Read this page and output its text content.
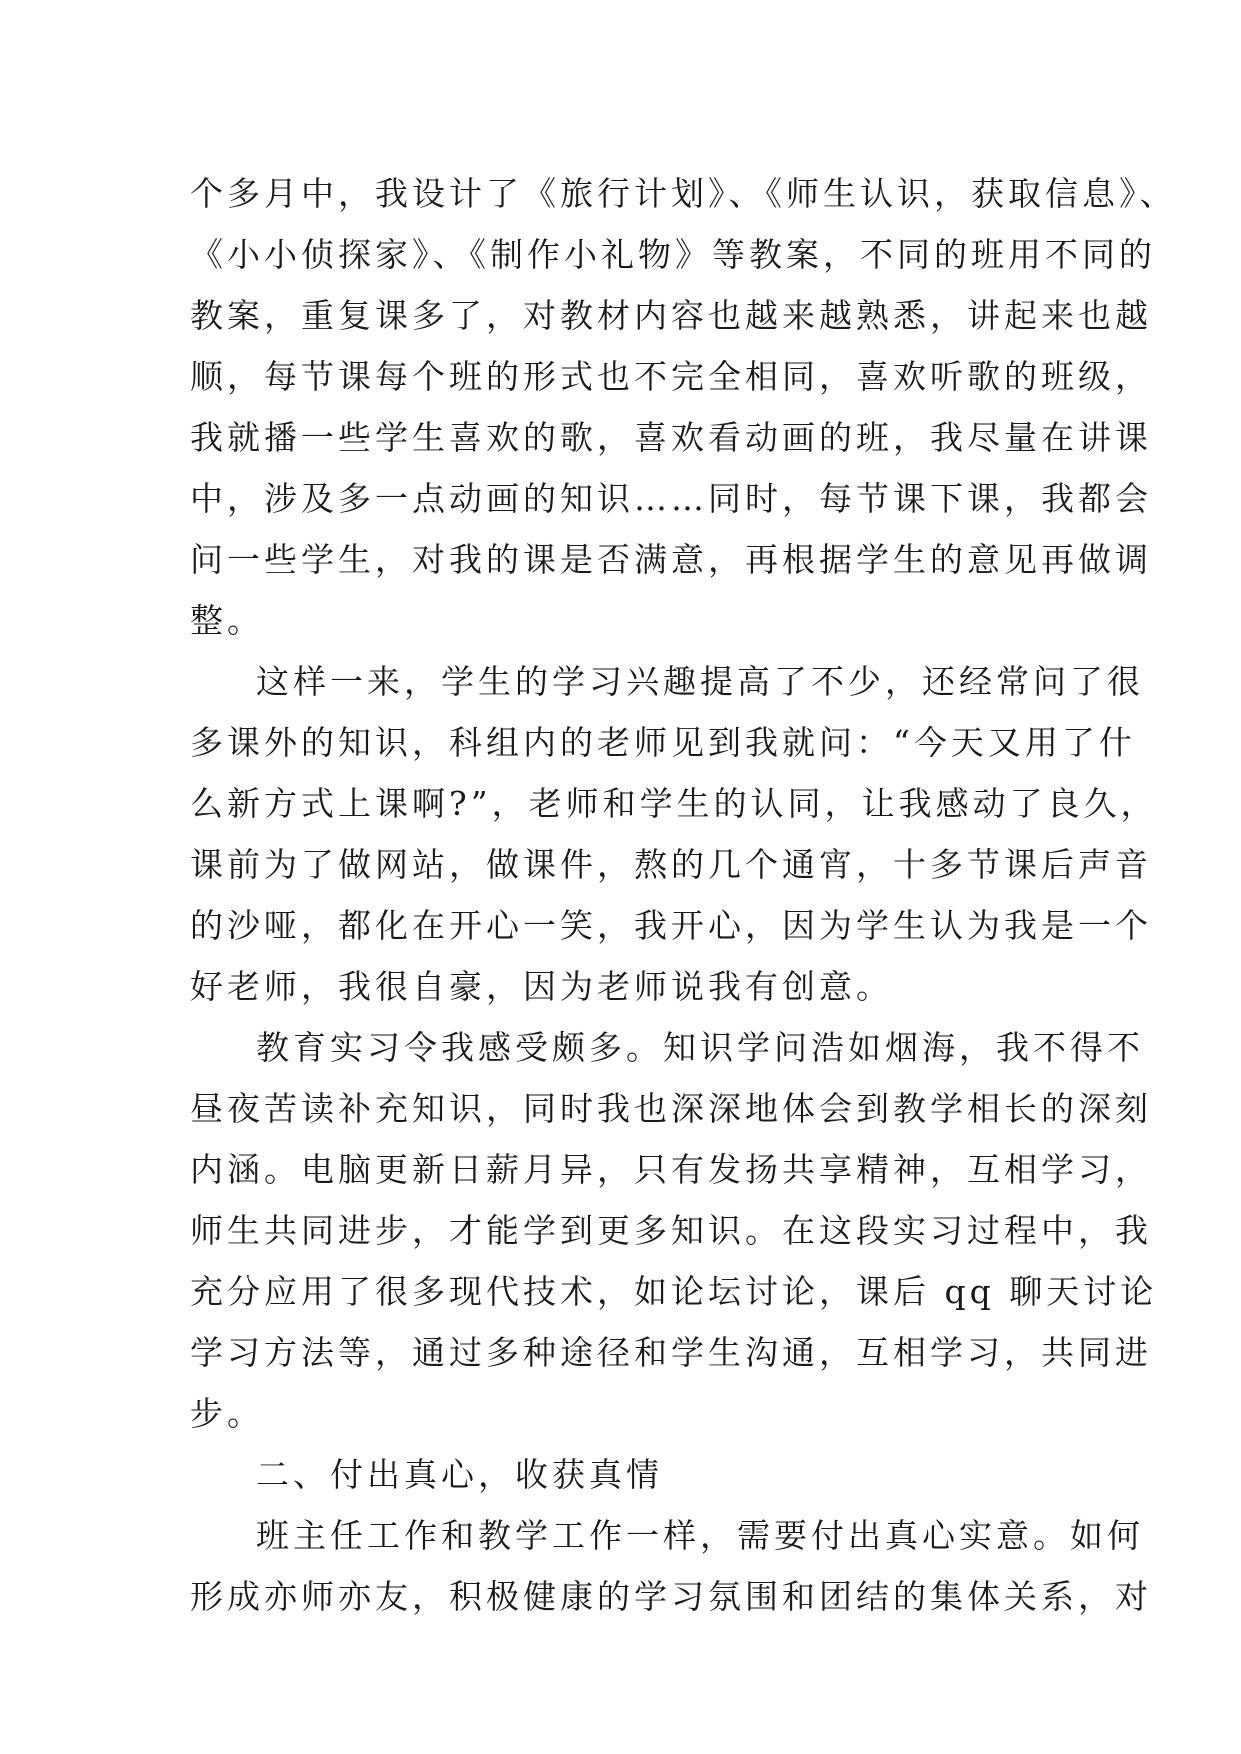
个多月中，我设计了《旅行计划》、《师生认识，获取信息》、
《小小侦探家》、《制作小礼物》等教案，不同的班用不同的
教案，重复课多了，对教材内容也越来越熟悉，讲起来也越
顺，每节课每个班的形式也不完全相同，喜欢听歌的班级，
我就播一些学生喜欢的歌，喜欢看动画的班，我尽量在讲课
中，涉及多一点动画的知识……同时，每节课下课，我都会
问一些学生，对我的课是否满意，再根据学生的意见再做调
整。
这样一来，学生的学习兴趣提高了不少，还经常问了很
多课外的知识，科组内的老师见到我就问：“今天又用了什
么新方式上课啊?”，老师和学生的认同，让我感动了良久，
课前为了做网站，做课件，熬的几个通宵，十多节课后声音
的沙哑，都化在开心一笑，我开心，因为学生认为我是一个
好老师，我很自豪，因为老师说我有创意。
教育实习令我感受颇多。知识学问浩如烟海，我不得不
昼夜苦读补充知识，同时我也深深地体会到教学相长的深刻
内涵。电脑更新日薪月异，只有发扬共享精神，互相学习，
师生共同进步，才能学到更多知识。在这段实习过程中，我
充分应用了很多现代技术，如论坛讨论，课后 qq 聊天讨论
学习方法等，通过多种途径和学生沟通，互相学习，共同进
步。
二、付出真心，收获真情
班主任工作和教学工作一样，需要付出真心实意。如何
形成亦师亦友，积极健康的学习氛围和团结的集体关系，对
